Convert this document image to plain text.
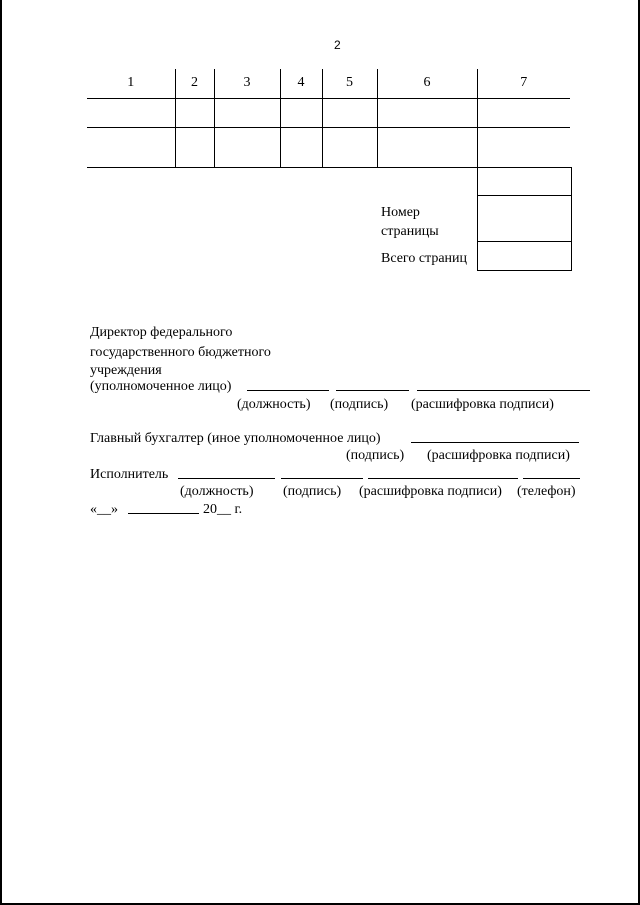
2
1	2	3	4	5	6	7

Номер страницы
Всего страниц
Директор федерального
государственного бюджетного
учреждения
(уполномоченное лицо)
(должность) (подпись) (расшифровка подписи)
Главный бухгалтер (иное уполномоченное лицо)
(подпись) (расшифровка подписи)
Исполнитель
(должность) (подпись) (расшифровка подписи) (телефон)
«__»	20__ г.
